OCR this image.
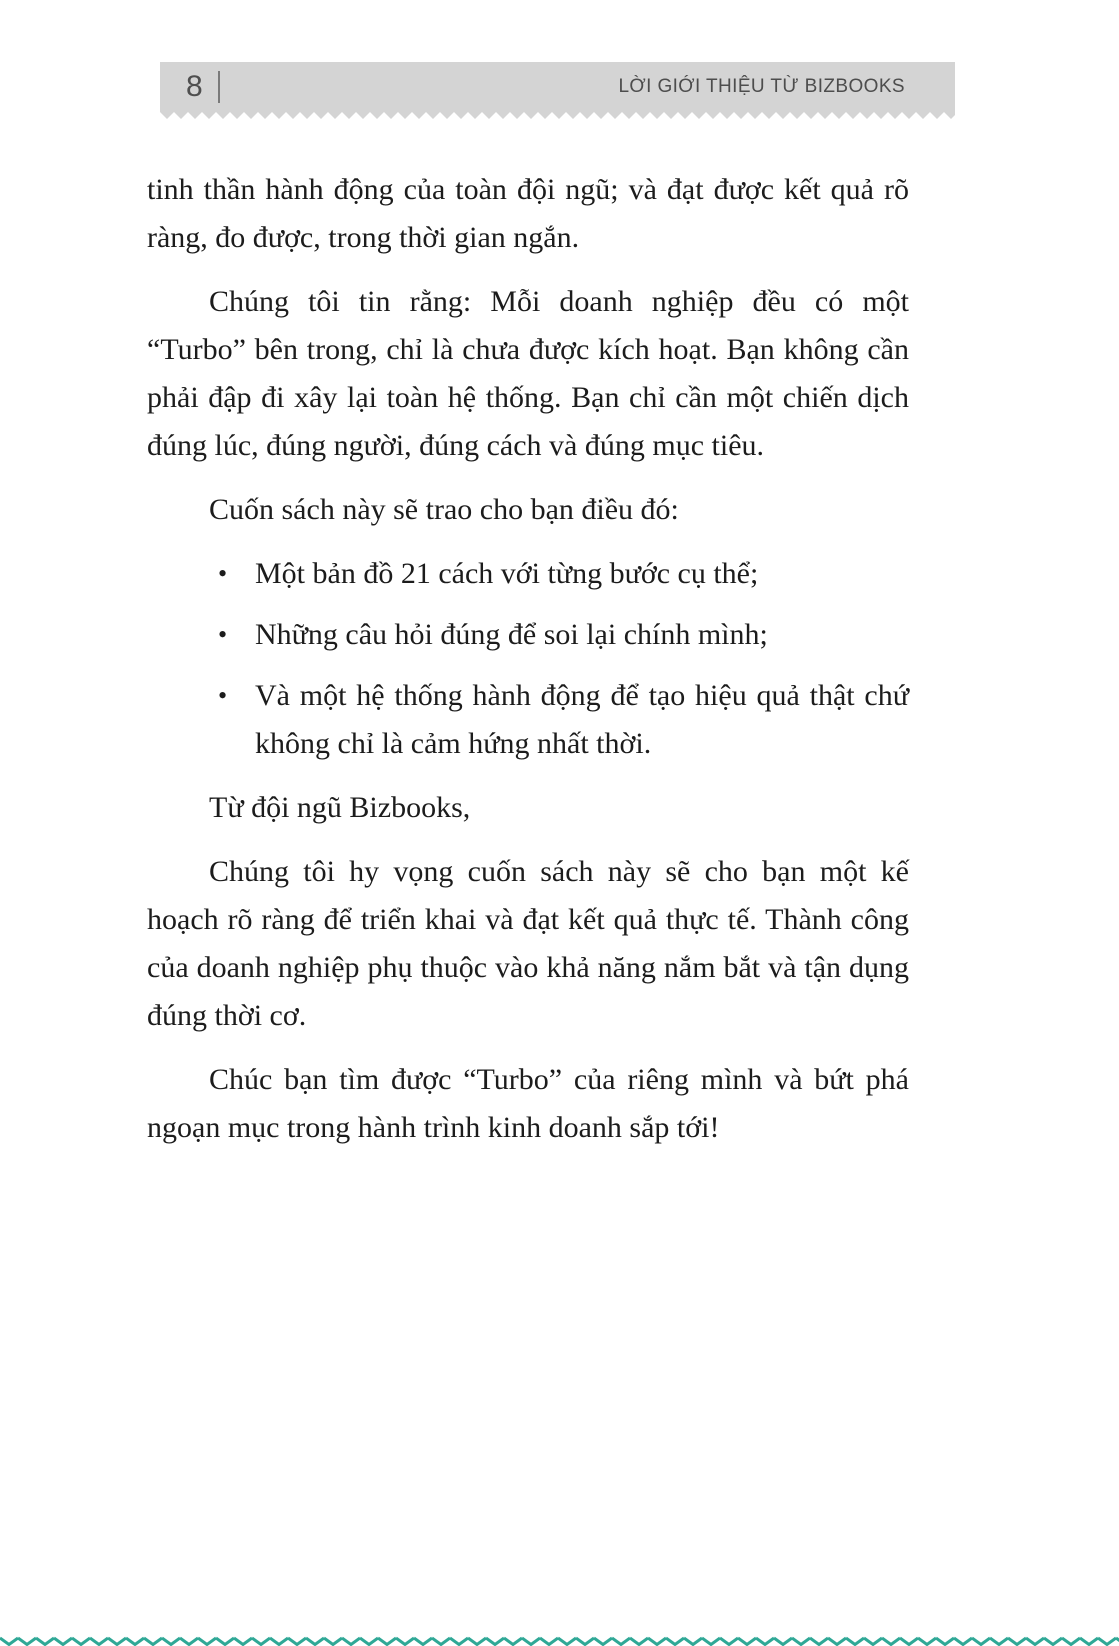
8	LỜI GIỚI THIỆU TỪ BIZBOOKS

tinh thần hành động của toàn đội ngũ; và đạt được kết quả rõ ràng, đo được, trong thời gian ngắn.

Chúng tôi tin rằng: Mỗi doanh nghiệp đều có một “Turbo” bên trong, chỉ là chưa được kích hoạt. Bạn không cần phải đập đi xây lại toàn hệ thống. Bạn chỉ cần một chiến dịch đúng lúc, đúng người, đúng cách và đúng mục tiêu.

Cuốn sách này sẽ trao cho bạn điều đó:

• Một bản đồ 21 cách với từng bước cụ thể;
• Những câu hỏi đúng để soi lại chính mình;
• Và một hệ thống hành động để tạo hiệu quả thật chứ không chỉ là cảm hứng nhất thời.

Từ đội ngũ Bizbooks,

Chúng tôi hy vọng cuốn sách này sẽ cho bạn một kế hoạch rõ ràng để triển khai và đạt kết quả thực tế. Thành công của doanh nghiệp phụ thuộc vào khả năng nắm bắt và tận dụng đúng thời cơ.

Chúc bạn tìm được “Turbo” của riêng mình và bứt phá ngoạn mục trong hành trình kinh doanh sắp tới!
